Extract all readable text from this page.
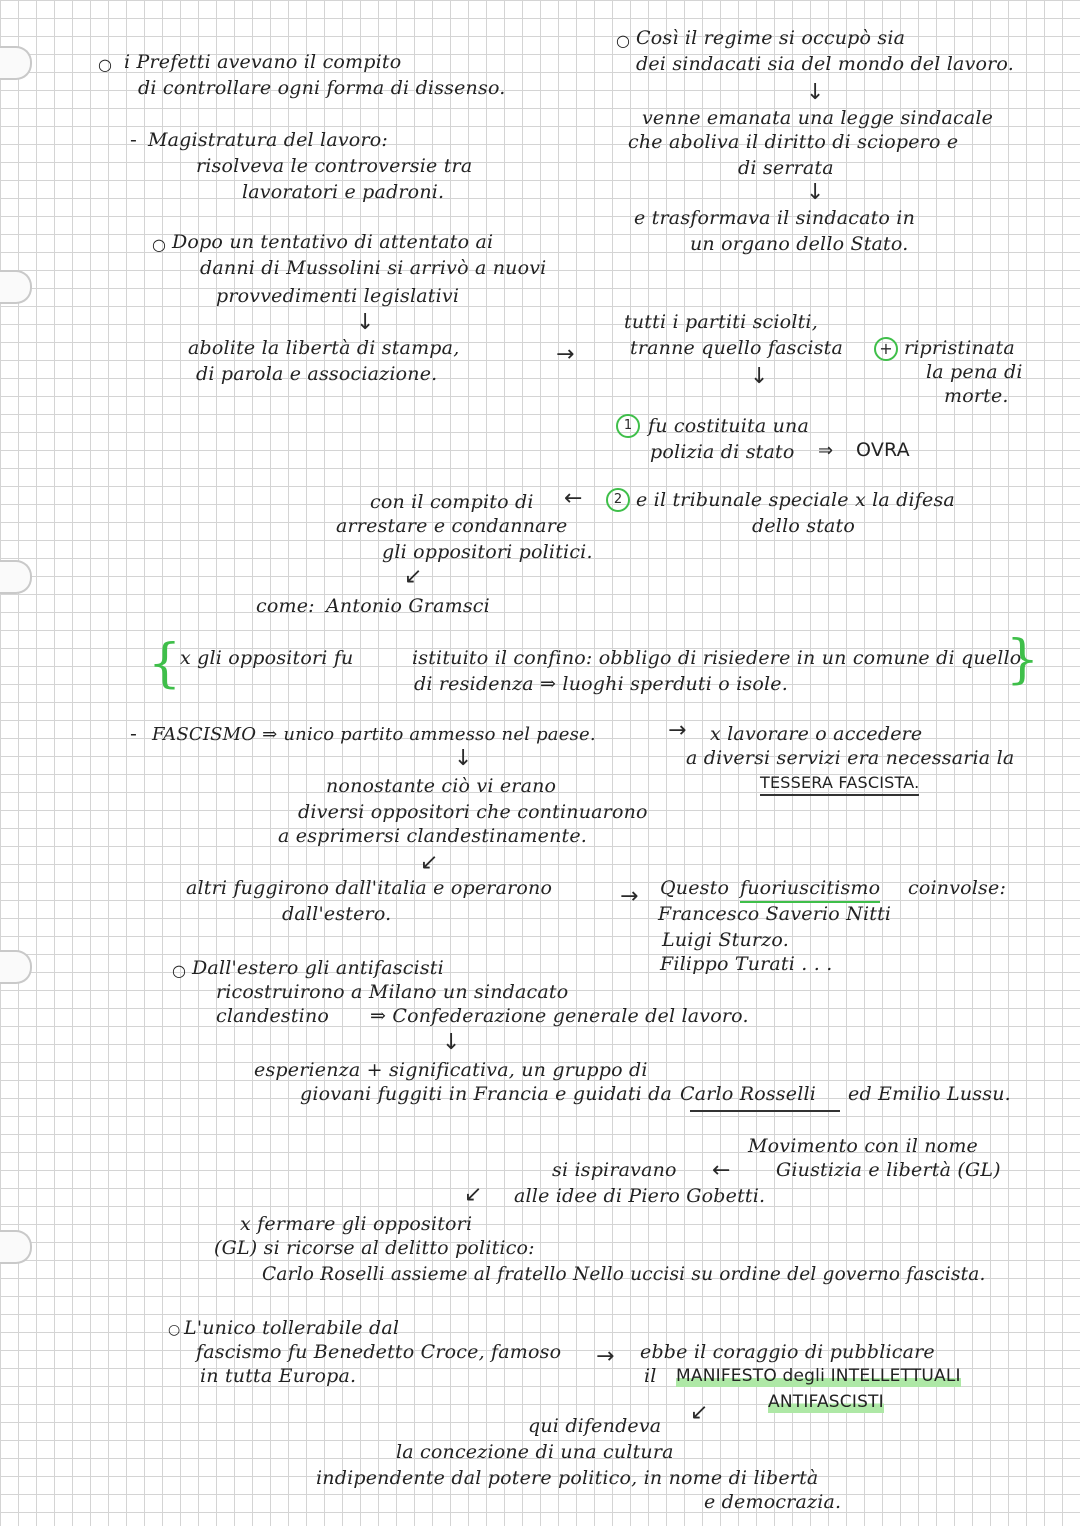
○ i Prefetti avevano il compito
di controllare ogni forma di dissenso.
- Magistratura del lavoro:
risolveva le controversie tra
lavoratori e padroni.
○ Dopo un tentativo di attentato ai
danni di Mussolini si arrivò a nuovi
provvedimenti legislativi
↓
abolite la libertà di stampa,
di parola e associazione.
→
○ Così il regime si occupò sia
dei sindacati sia del mondo del lavoro.
↓
venne emanata una legge sindacale
che aboliva il diritto di sciopero e
di serrata
↓
e trasformava il sindacato in
un organo dello Stato.
tutti i partiti sciolti,
tranne quello fascista	+ ripristinata
la pena di
morte.
↓
1 fu costituita una
polizia di stato ⇒ OVRA
2 e il tribunale speciale x la difesa
dello stato
←
con il compito di
arrestare e condannare
gli oppositori politici.
↙
come: Antonio Gramsci
{	}
x gli oppositori fu	istituito il confino: obbligo di risiedere in un comune di quello
di residenza ⇒ luoghi sperduti o isole.
- FASCISMO ⇒ unico partito ammesso nel paese.	→ x lavorare o accedere
a diversi servizi era necessaria la
TESSERA FASCISTA.
↓
nonostante ciò vi erano
diversi oppositori che continuarono
a esprimersi clandestinamente.
↙
altri fuggirono dall'italia e operarono
dall'estero.
→ Questo fuoriuscitismo coinvolse:
Francesco Saverio Nitti
Luigi Sturzo.
Filippo Turati . . .
○ Dall'estero gli antifascisti
ricostruirono a Milano un sindacato
clandestino ⇒ Confederazione generale del lavoro.
↓
esperienza + significativa, un gruppo di
giovani fuggiti in Francia e guidati da Carlo Rosselli ed Emilio Lussu.
Movimento con il nome
Giustizia e libertà (GL)
←
si ispiravano
alle idee di Piero Gobetti.
↙
x fermare gli oppositori
(GL) si ricorse al delitto politico:
Carlo Roselli assieme al fratello Nello uccisi su ordine del governo fascista.
○ L'unico tollerabile dal
fascismo fu Benedetto Croce, famoso
in tutta Europa.
→ ebbe il coraggio di pubblicare
il MANIFESTO degli INTELLETTUALI
ANTIFASCISTI
↙
qui difendeva
la concezione di una cultura
indipendente dal potere politico, in nome di libertà
e democrazia.
